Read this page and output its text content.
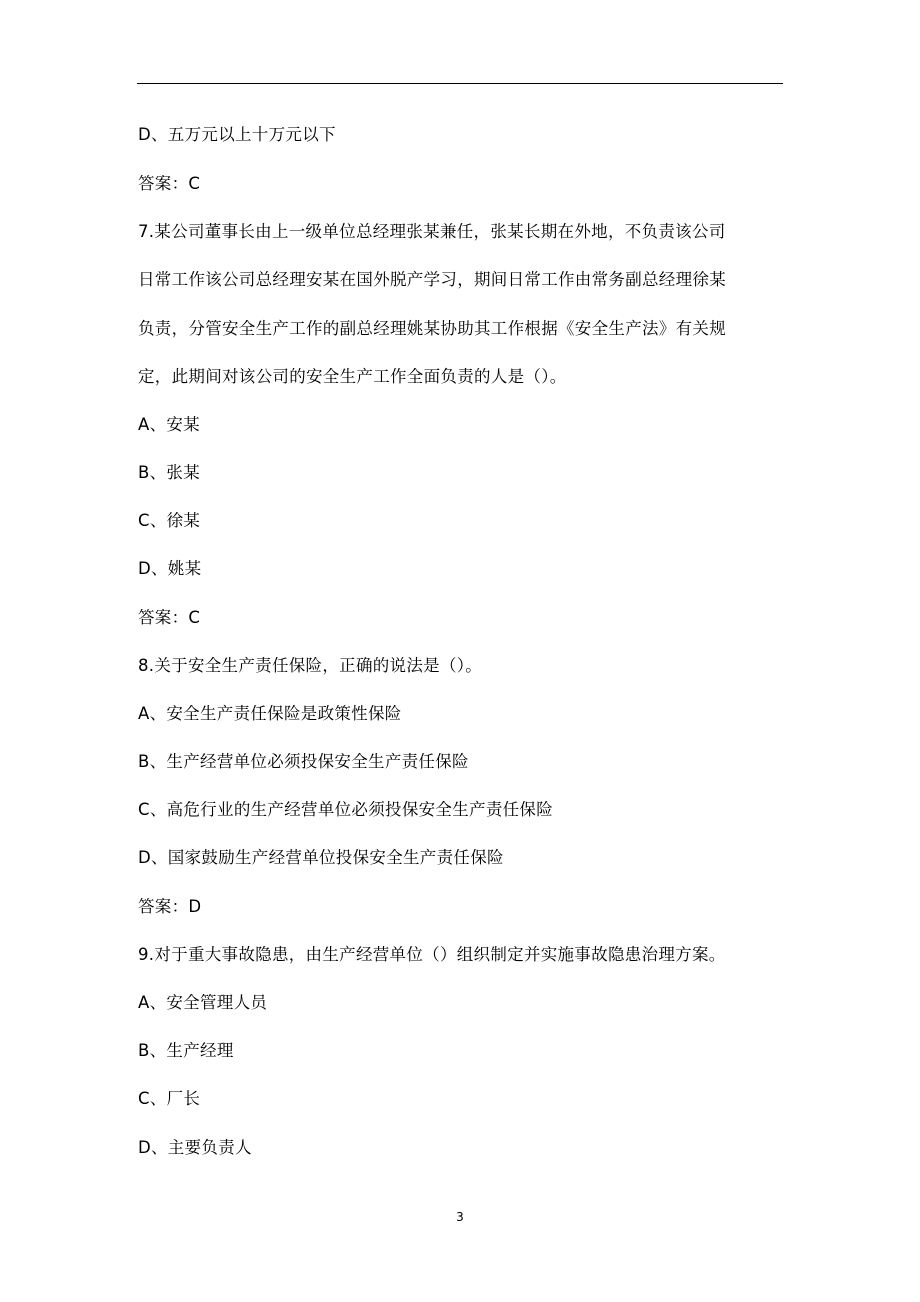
D、五万元以上十万元以下
答案：C
7.某公司董事长由上一级单位总经理张某兼任，张某长期在外地，不负责该公司
日常工作该公司总经理安某在国外脱产学习，期间日常工作由常务副总经理徐某
负责，分管安全生产工作的副总经理姚某协助其工作根据《安全生产法》有关规
定，此期间对该公司的安全生产工作全面负责的人是（）。
A、安某
B、张某
C、徐某
D、姚某
答案：C
8.关于安全生产责任保险，正确的说法是（）。
A、安全生产责任保险是政策性保险
B、生产经营单位必须投保安全生产责任保险
C、高危行业的生产经营单位必须投保安全生产责任保险
D、国家鼓励生产经营单位投保安全生产责任保险
答案：D
9.对于重大事故隐患，由生产经营单位（）组织制定并实施事故隐患治理方案。
A、安全管理人员
B、生产经理
C、厂长
D、主要负责人
3
